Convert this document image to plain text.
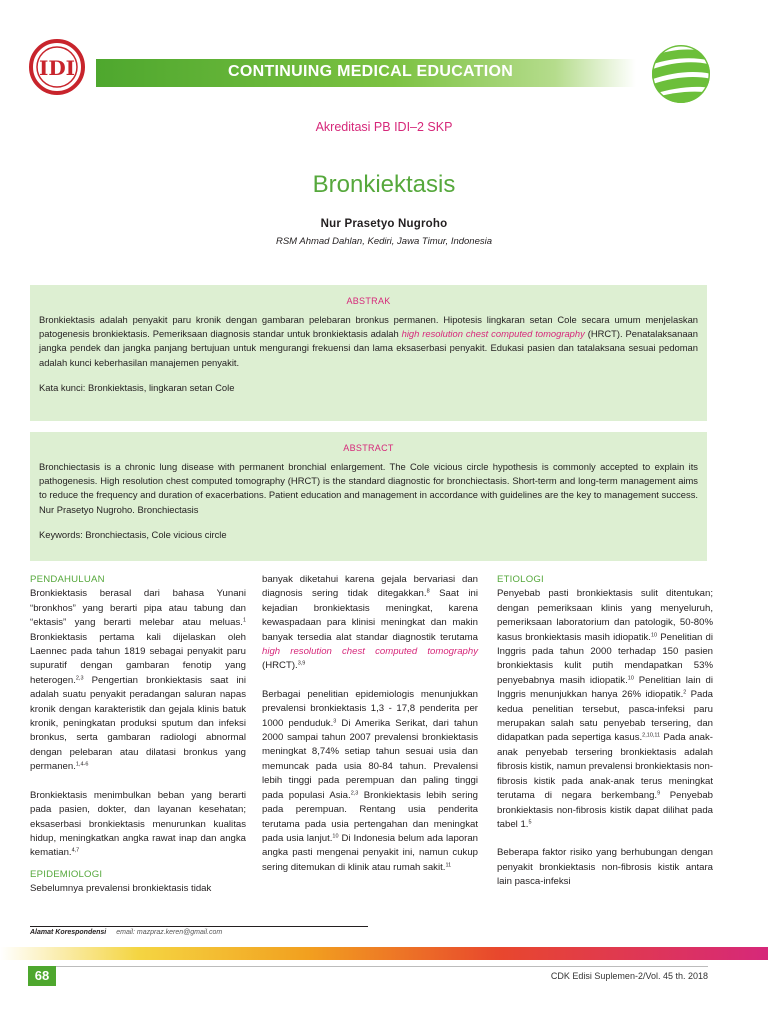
IDI	CONTINUING MEDICAL EDUCATION
Akreditasi PB IDI–2 SKP
Bronkiektasis
Nur Prasetyo Nugroho
RSM Ahmad Dahlan, Kediri, Jawa Timur, Indonesia
ABSTRAK

Bronkiektasis adalah penyakit paru kronik dengan gambaran pelebaran bronkus permanen. Hipotesis lingkaran setan Cole secara umum menjelaskan patogenesis bronkiektasis. Pemeriksaan diagnosis standar untuk bronkiektasis adalah high resolution chest computed tomography (HRCT). Penatalaksanaan jangka pendek dan jangka panjang bertujuan untuk mengurangi frekuensi dan lama eksaserbasi penyakit. Edukasi pasien dan tatalaksana sesuai pedoman adalah kunci keberhasilan manajemen penyakit.

Kata kunci: Bronkiektasis, lingkaran setan Cole

ABSTRACT

Bronchiectasis is a chronic lung disease with permanent bronchial enlargement. The Cole vicious circle hypothesis is commonly accepted to explain its pathogenesis. High resolution chest computed tomography (HRCT) is the standard diagnostic for bronchiectasis. Short-term and long-term management aims to reduce the frequency and duration of exacerbations. Patient education and management in accordance with guidelines are the key to management success. Nur Prasetyo Nugroho. Bronchiectasis

Keywords: Bronchiectasis, Cole vicious circle

PENDAHULUAN

Bronkiektasis berasal dari bahasa Yunani “bronkhos” yang berarti pipa atau tabung dan “ektasis” yang berarti melebar atau meluas.$^1$ Bronkiektasis pertama kali dijelaskan oleh Laennec pada tahun 1819 sebagai penyakit paru supuratif dengan gambaran fenotip yang heterogen.$^{2,3}$ Pengertian bronkiektasis saat ini adalah suatu penyakit peradangan saluran napas kronik dengan karakteristik dan gejala klinis batuk kronik, peningkatan produksi sputum dan infeksi bronkus, serta gambaran radiologi abnormal dengan pelebaran atau dilatasi bronkus yang permanen.$^{1,4-6}$

Bronkiektasis menimbulkan beban yang berarti pada pasien, dokter, dan layanan kesehatan; eksaserbasi bronkiektasis menurunkan kualitas hidup, meningkatkan angka rawat inap dan angka kematian.$^{4,7}$

EPIDEMIOLOGI

Sebelumnya prevalensi bronkiektasis tidak

banyak diketahui karena gejala bervariasi dan diagnosis sering tidak ditegakkan.$^8$ Saat ini kejadian bronkiektasis meningkat, karena kewaspadaan para klinisi meningkat dan makin banyak tersedia alat standar diagnostik terutama high resolution chest computed tomography (HRCT).$^{3,9}$

Berbagai penelitian epidemiologis menunjukkan prevalensi bronkiektasis 1,3 - 17,8 penderita per 1000 penduduk.$^3$ Di Amerika Serikat, dari tahun 2000 sampai tahun 2007 prevalensi bronkiektasis meningkat 8,74% setiap tahun sesuai usia dan memuncak pada usia 80-84 tahun. Prevalensi lebih tinggi pada perempuan dan paling tinggi pada populasi Asia.$^{2,3}$ Bronkiektasis lebih sering pada perempuan. Rentang usia penderita terutama pada usia pertengahan dan meningkat pada usia lanjut.$^{10}$ Di Indonesia belum ada laporan angka pasti mengenai penyakit ini, namun cukup sering ditemukan di klinik atau rumah sakit.$^{11}$

ETIOLOGI

Penyebab pasti bronkiektasis sulit ditentukan; dengan pemeriksaan klinis yang menyeluruh, pemeriksaan laboratorium dan patologik, 50-80% kasus bronkiektasis masih idiopatik.$^{10}$ Penelitian di Inggris pada tahun 2000 terhadap 150 pasien bronkiektasis kulit putih mendapatkan 53% penyebabnya masih idiopatik.$^{10}$ Penelitian lain di Inggris menunjukkan hanya 26% idiopatik.$^2$ Pada kedua penelitian tersebut, pasca-infeksi paru merupakan salah satu penyebab tersering, dan didapatkan pada sepertiga kasus.$^{2,10,11}$ Pada anak-anak penyebab tersering bronkiektasis adalah fibrosis kistik, namun prevalensi bronkiektasis non-fibrosis kistik pada anak-anak terus meningkat terutama di negara berkembang.$^9$ Penyebab bronkiektasis non-fibrosis kistik dapat dilihat pada tabel 1.$^5$

Beberapa faktor risiko yang berhubungan dengan penyakit bronkiektasis non-fibrosis kistik antara lain pasca-infeksi

Alamat Korespondensi email: mazpraz.keren@gmail.com
68	CDK Edisi Suplemen-2/Vol. 45 th. 2018
